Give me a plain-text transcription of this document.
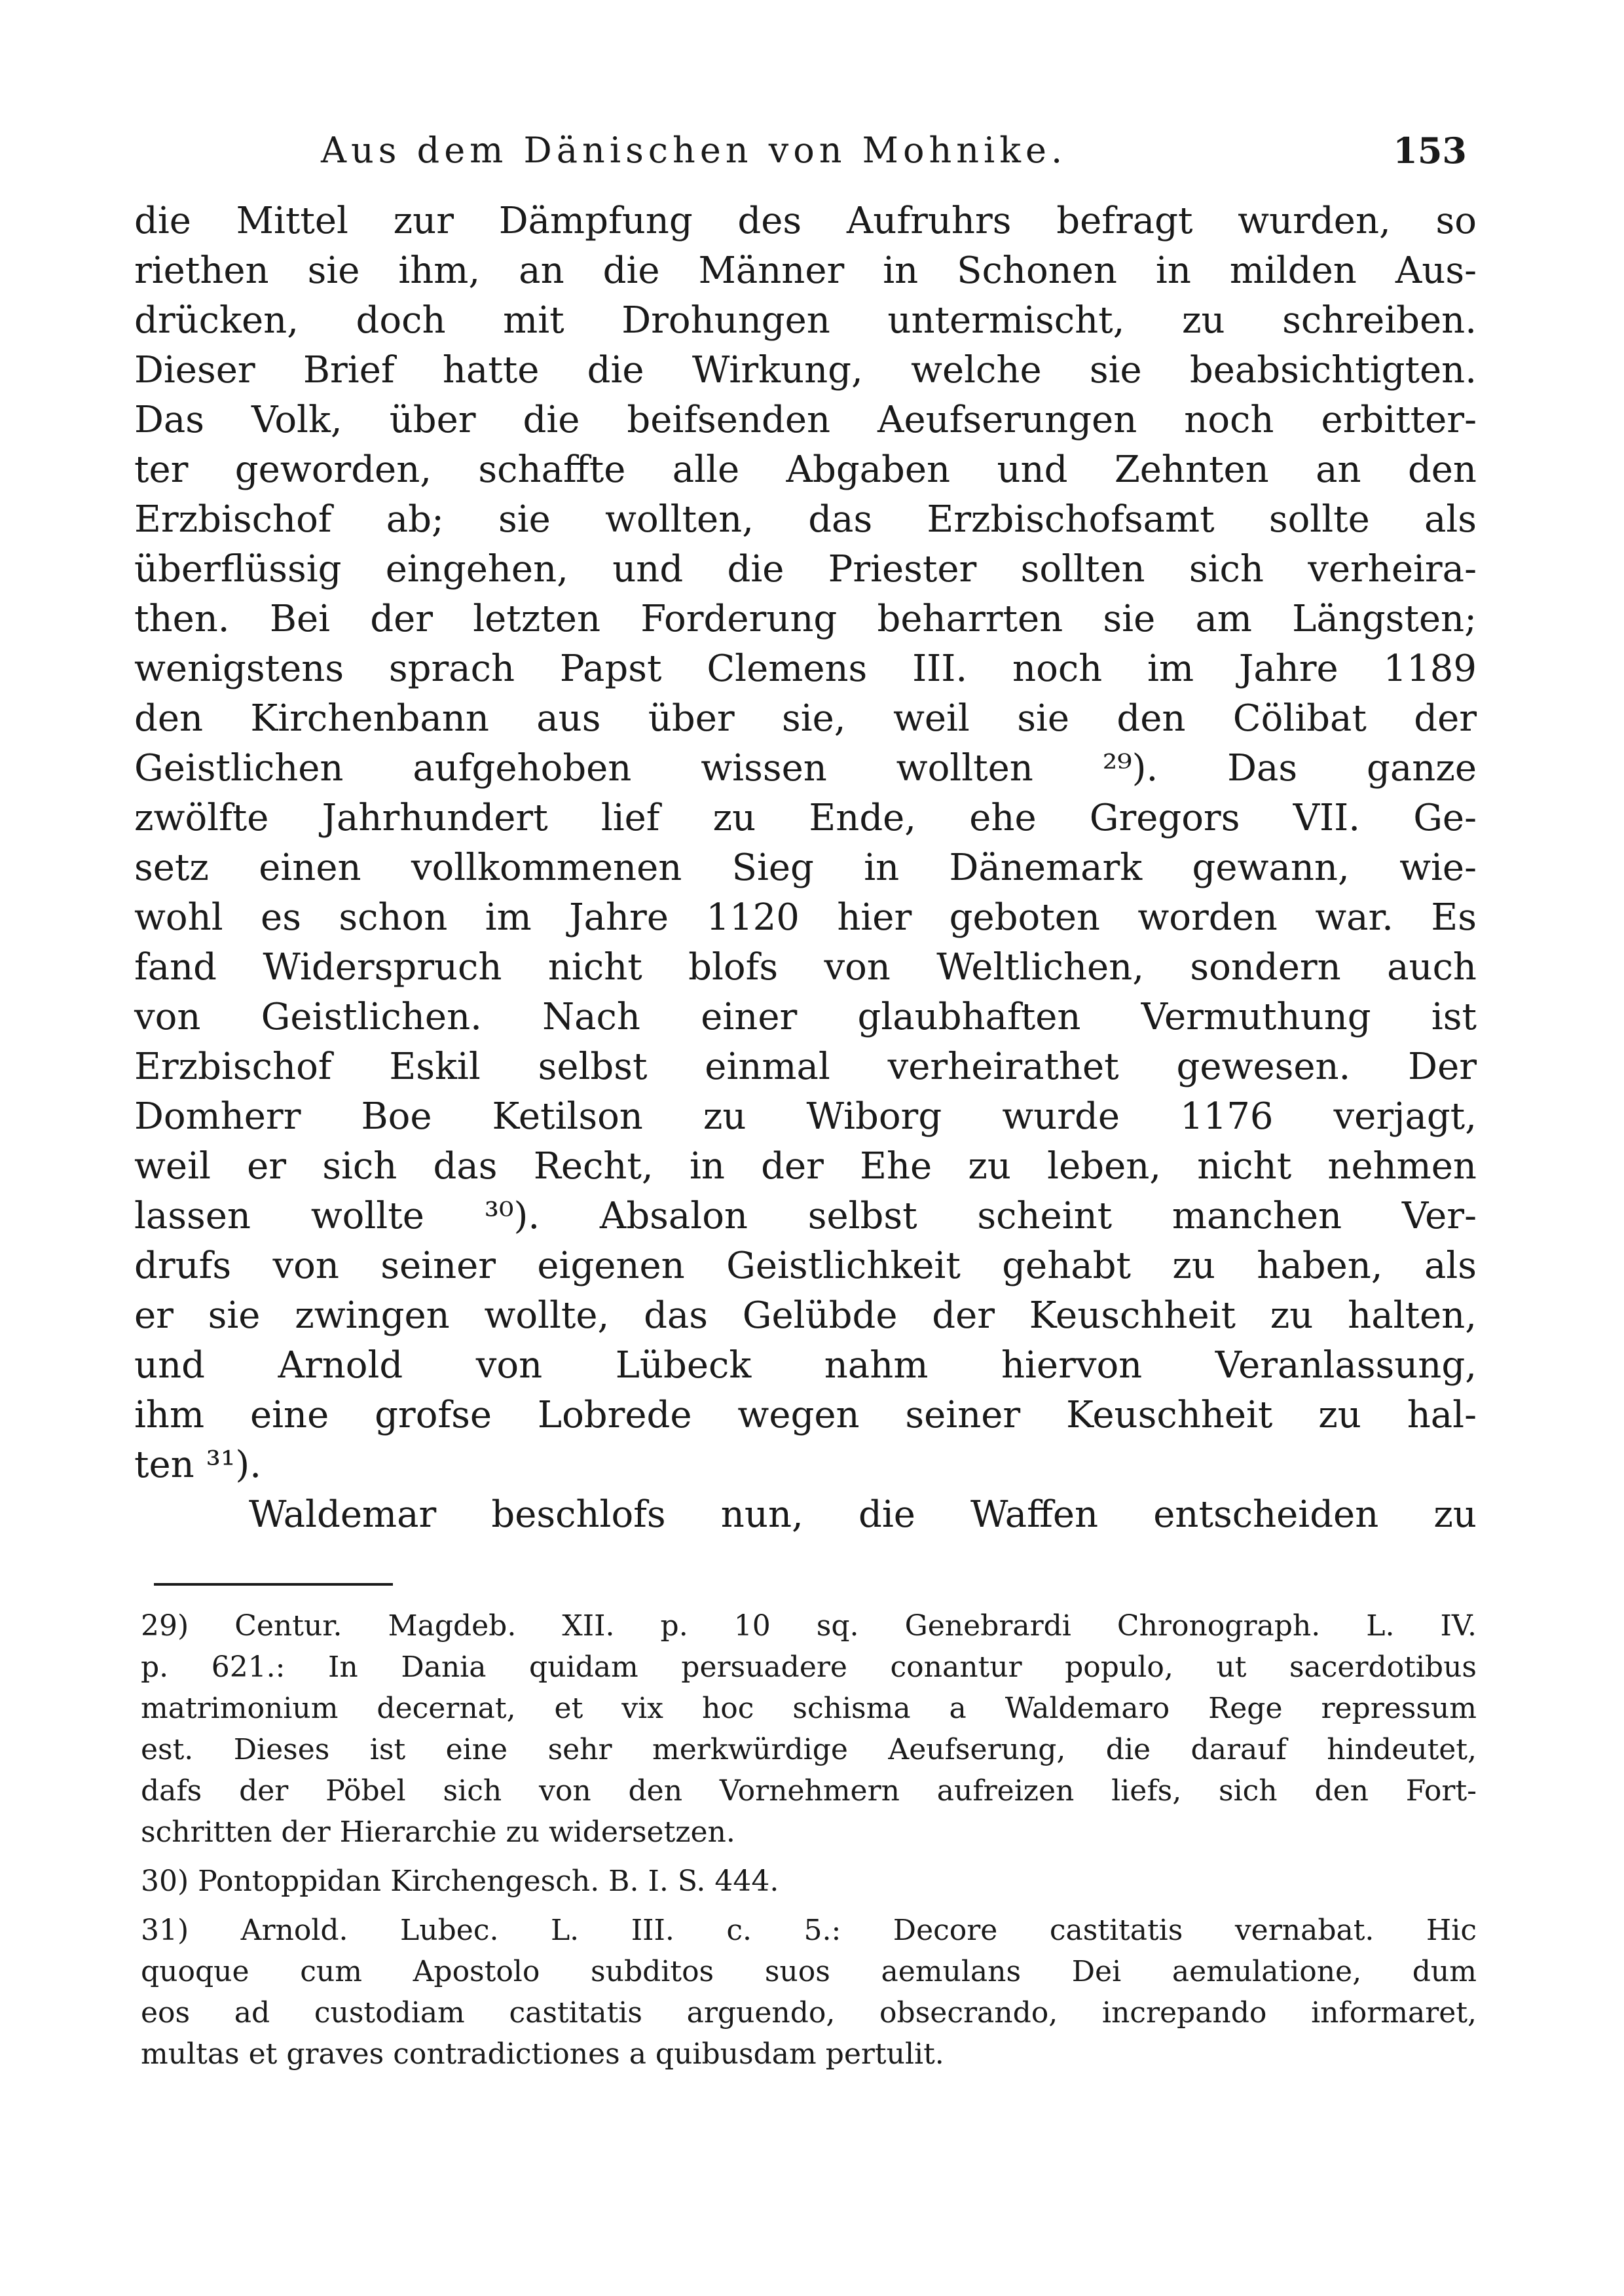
Aus dem Dänischen von Mohnike.	153
die Mittel zur Dämpfung des Aufruhrs befragt wurden, so
riethen sie ihm, an die Männer in Schonen in milden Aus-
drücken, doch mit Drohungen untermischt, zu schreiben.
Dieser Brief hatte die Wirkung, welche sie beabsichtigten.
Das Volk, über die beifsenden Aeufserungen noch erbitter-
ter geworden, schaffte alle Abgaben und Zehnten an den
Erzbischof ab; sie wollten, das Erzbischofsamt sollte als
überflüssig eingehen, und die Priester sollten sich verheira-
then. Bei der letzten Forderung beharrten sie am Längsten;
wenigstens sprach Papst Clemens III. noch im Jahre 1189
den Kirchenbann aus über sie, weil sie den Cölibat der
Geistlichen aufgehoben wissen wollten ²⁹). Das ganze
zwölfte Jahrhundert lief zu Ende, ehe Gregors VII. Ge-
setz einen vollkommenen Sieg in Dänemark gewann, wie-
wohl es schon im Jahre 1120 hier geboten worden war. Es
fand Widerspruch nicht blofs von Weltlichen, sondern auch
von Geistlichen. Nach einer glaubhaften Vermuthung ist
Erzbischof Eskil selbst einmal verheirathet gewesen. Der
Domherr Boe Ketilson zu Wiborg wurde 1176 verjagt,
weil er sich das Recht, in der Ehe zu leben, nicht nehmen
lassen wollte ³⁰). Absalon selbst scheint manchen Ver-
drufs von seiner eigenen Geistlichkeit gehabt zu haben, als
er sie zwingen wollte, das Gelübde der Keuschheit zu halten,
und Arnold von Lübeck nahm hiervon Veranlassung,
ihm eine grofse Lobrede wegen seiner Keuschheit zu hal-
ten ³¹).
Waldemar beschlofs nun, die Waffen entscheiden zu
29) Centur. Magdeb. XII. p. 10 sq. Genebrardi Chronograph. L. IV.
p. 621.: In Dania quidam persuadere conantur populo, ut sacerdotibus
matrimonium decernat, et vix hoc schisma a Waldemaro Rege repressum
est. Dieses ist eine sehr merkwürdige Aeufserung, die darauf hindeutet,
dafs der Pöbel sich von den Vornehmern aufreizen liefs, sich den Fort-
schritten der Hierarchie zu widersetzen.
30) Pontoppidan Kirchengesch. B. I. S. 444.
31) Arnold. Lubec. L. III. c. 5.: Decore castitatis vernabat. Hic
quoque cum Apostolo subditos suos aemulans Dei aemulatione, dum
eos ad custodiam castitatis arguendo, obsecrando, increpando informaret,
multas et graves contradictiones a quibusdam pertulit.
